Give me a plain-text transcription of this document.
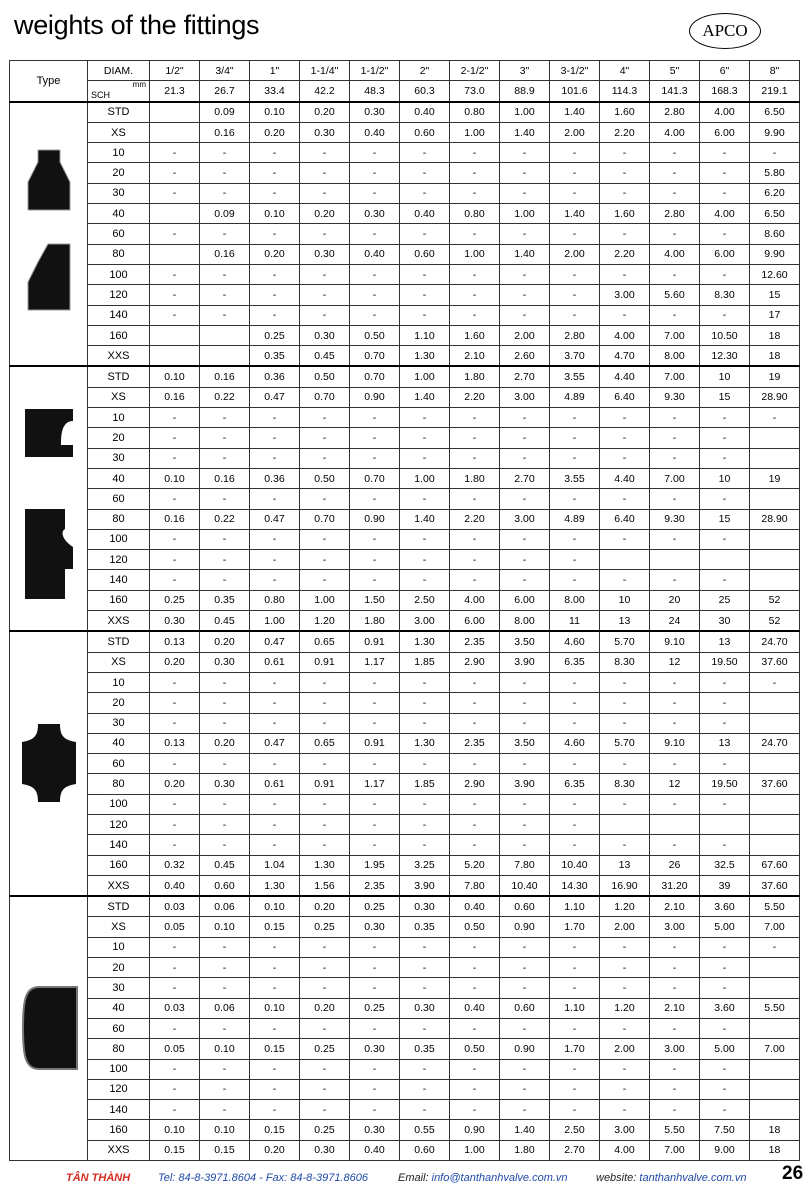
weights of the fittings	APCO
Type	DIAM.	1/2"	3/4"	1"	1-1/4"	1-1/2"	2"	2-1/2"	3"	3-1/2"	4"	5"	6"	8"

	mm
SCH	21.3	26.7	33.4	42.2	48.3	60.3	73.0	88.9	101.6	114.3	141.3	168.3	219.1

	STD		0.09	0.10	0.20	0.30	0.40	0.80	1.00	1.40	1.60	2.80	4.00	6.50
	XS		0.16	0.20	0.30	0.40	0.60	1.00	1.40	2.00	2.20	4.00	6.00	9.90
	10	-	-	-	-	-	-	-	-	-	-	-	-	-
	20	-	-	-	-	-	-	-	-	-	-	-	-	5.80
	30	-	-	-	-	-	-	-	-	-	-	-	-	6.20
	40		0.09	0.10	0.20	0.30	0.40	0.80	1.00	1.40	1.60	2.80	4.00	6.50
	60	-	-	-	-	-	-	-	-	-	-	-	-	8.60
	80		0.16	0.20	0.30	0.40	0.60	1.00	1.40	2.00	2.20	4.00	6.00	9.90
	100	-	-	-	-	-	-	-	-	-	-	-	-	12.60
	120	-	-	-	-	-	-	-	-	-	3.00	5.60	8.30	15
	140	-	-	-	-	-	-	-	-	-	-	-	-	17
	160			0.25	0.30	0.50	1.10	1.60	2.00	2.80	4.00	7.00	10.50	18
	XXS			0.35	0.45	0.70	1.30	2.10	2.60	3.70	4.70	8.00	12.30	18

	STD	0.10	0.16	0.36	0.50	0.70	1.00	1.80	2.70	3.55	4.40	7.00	10	19
	XS	0.16	0.22	0.47	0.70	0.90	1.40	2.20	3.00	4.89	6.40	9.30	15	28.90
	10	-	-	-	-	-	-	-	-	-	-	-	-	-
	20	-	-	-	-	-	-	-	-	-	-	-	-	
	30	-	-	-	-	-	-	-	-	-	-	-	-	
	40	0.10	0.16	0.36	0.50	0.70	1.00	1.80	2.70	3.55	4.40	7.00	10	19
	60	-	-	-	-	-	-	-	-	-	-	-	-	
	80	0.16	0.22	0.47	0.70	0.90	1.40	2.20	3.00	4.89	6.40	9.30	15	28.90
	100	-	-	-	-	-	-	-	-	-	-	-	-	
	120	-	-	-	-	-	-	-	-	-				
	140	-	-	-	-	-	-	-	-	-	-	-	-	
	160	0.25	0.35	0.80	1.00	1.50	2.50	4.00	6.00	8.00	10	20	25	52
	XXS	0.30	0.45	1.00	1.20	1.80	3.00	6.00	8.00	11	13	24	30	52

	STD	0.13	0.20	0.47	0.65	0.91	1.30	2.35	3.50	4.60	5.70	9.10	13	24.70
	XS	0.20	0.30	0.61	0.91	1.17	1.85	2.90	3.90	6.35	8.30	12	19.50	37.60
	10	-	-	-	-	-	-	-	-	-	-	-	-	-
	20	-	-	-	-	-	-	-	-	-	-	-	-	
	30	-	-	-	-	-	-	-	-	-	-	-	-	
	40	0.13	0.20	0.47	0.65	0.91	1.30	2.35	3.50	4.60	5.70	9.10	13	24.70
	60	-	-	-	-	-	-	-	-	-	-	-	-	
	80	0.20	0.30	0.61	0.91	1.17	1.85	2.90	3.90	6.35	8.30	12	19.50	37.60
	100	-	-	-	-	-	-	-	-	-	-	-	-	
	120	-	-	-	-	-	-	-	-	-				
	140	-	-	-	-	-	-	-	-	-	-	-	-	
	160	0.32	0.45	1.04	1.30	1.95	3.25	5.20	7.80	10.40	13	26	32.5	67.60
	XXS	0.40	0.60	1.30	1.56	2.35	3.90	7.80	10.40	14.30	16.90	31.20	39	37.60

	STD	0.03	0.06	0.10	0.20	0.25	0.30	0.40	0.60	1.10	1.20	2.10	3.60	5.50
	XS	0.05	0.10	0.15	0.25	0.30	0.35	0.50	0.90	1.70	2.00	3.00	5.00	7.00
	10	-	-	-	-	-	-	-	-	-	-	-	-	-
	20	-	-	-	-	-	-	-	-	-	-	-	-	
	30	-	-	-	-	-	-	-	-	-	-	-	-	
	40	0.03	0.06	0.10	0.20	0.25	0.30	0.40	0.60	1.10	1.20	2.10	3.60	5.50
	60	-	-	-	-	-	-	-	-	-	-	-	-	
	80	0.05	0.10	0.15	0.25	0.30	0.35	0.50	0.90	1.70	2.00	3.00	5.00	7.00
	100	-	-	-	-	-	-	-	-	-	-	-	-	
	120	-	-	-	-	-	-	-	-	-	-	-	-	
	140	-	-	-	-	-	-	-	-	-	-	-	-	
	160	0.10	0.10	0.15	0.25	0.30	0.55	0.90	1.40	2.50	3.00	5.50	7.50	18
	XXS	0.15	0.15	0.20	0.30	0.40	0.60	1.00	1.80	2.70	4.00	7.00	9.00	18
TÂN THÀNH	Tel: 84-8-3971.8604 - Fax: 84-8-3971.8606	Email: info@tanthanhvalve.com.vn	website: tanthanhvalve.com.vn 26
